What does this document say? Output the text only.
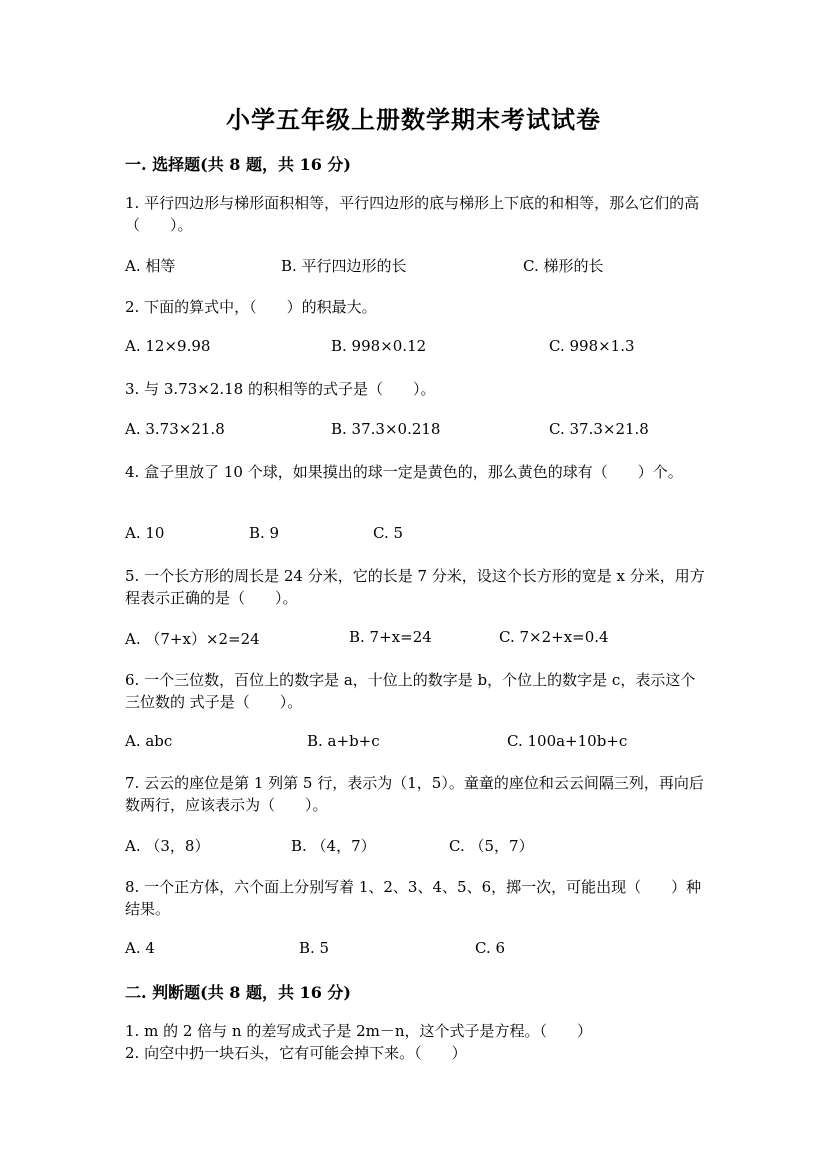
小学五年级上册数学期末考试试卷
一. 选择题(共 8 题，共 16 分)
1. 平行四边形与梯形面积相等，平行四边形的底与梯形上下底的和相等，那么它们的高（　　）。
A. 相等	B. 平行四边形的长	C. 梯形的长
2. 下面的算式中，（　　）的积最大。
A. 12×9.98	B. 998×0.12	C. 998×1.3
3. 与 3.73×2.18 的积相等的式子是（　　）。
A. 3.73×21.8	B. 37.3×0.218	C. 37.3×21.8
4. 盒子里放了 10 个球，如果摸出的球一定是黄色的，那么黄色的球有（　　）个。
A. 10	B. 9	C. 5
5. 一个长方形的周长是 24 分米，它的长是 7 分米，设这个长方形的宽是 x 分米，用方程表示正确的是（　　）。
A. （7+x）×2=24	B. 7+x=24	C. 7×2+x=0.4
6. 一个三位数，百位上的数字是 a，十位上的数字是 b，个位上的数字是 c，表示这个三位数的 式子是（　　）。
A. abc	B. a+b+c	C. 100a+10b+c
7. 云云的座位是第 1 列第 5 行，表示为（1，5）。童童的座位和云云间隔三列，再向后数两行，应该表示为（　　）。
A. （3，8）	B. （4，7）	C. （5，7）
8. 一个正方体，六个面上分别写着 1、2、3、4、5、6，掷一次，可能出现（　　）种结果。
A. 4	B. 5	C. 6
二. 判断题(共 8 题，共 16 分)
1. m 的 2 倍与 n 的差写成式子是 2m－n，这个式子是方程。（　　）
2. 向空中扔一块石头，它有可能会掉下来。（　　）
